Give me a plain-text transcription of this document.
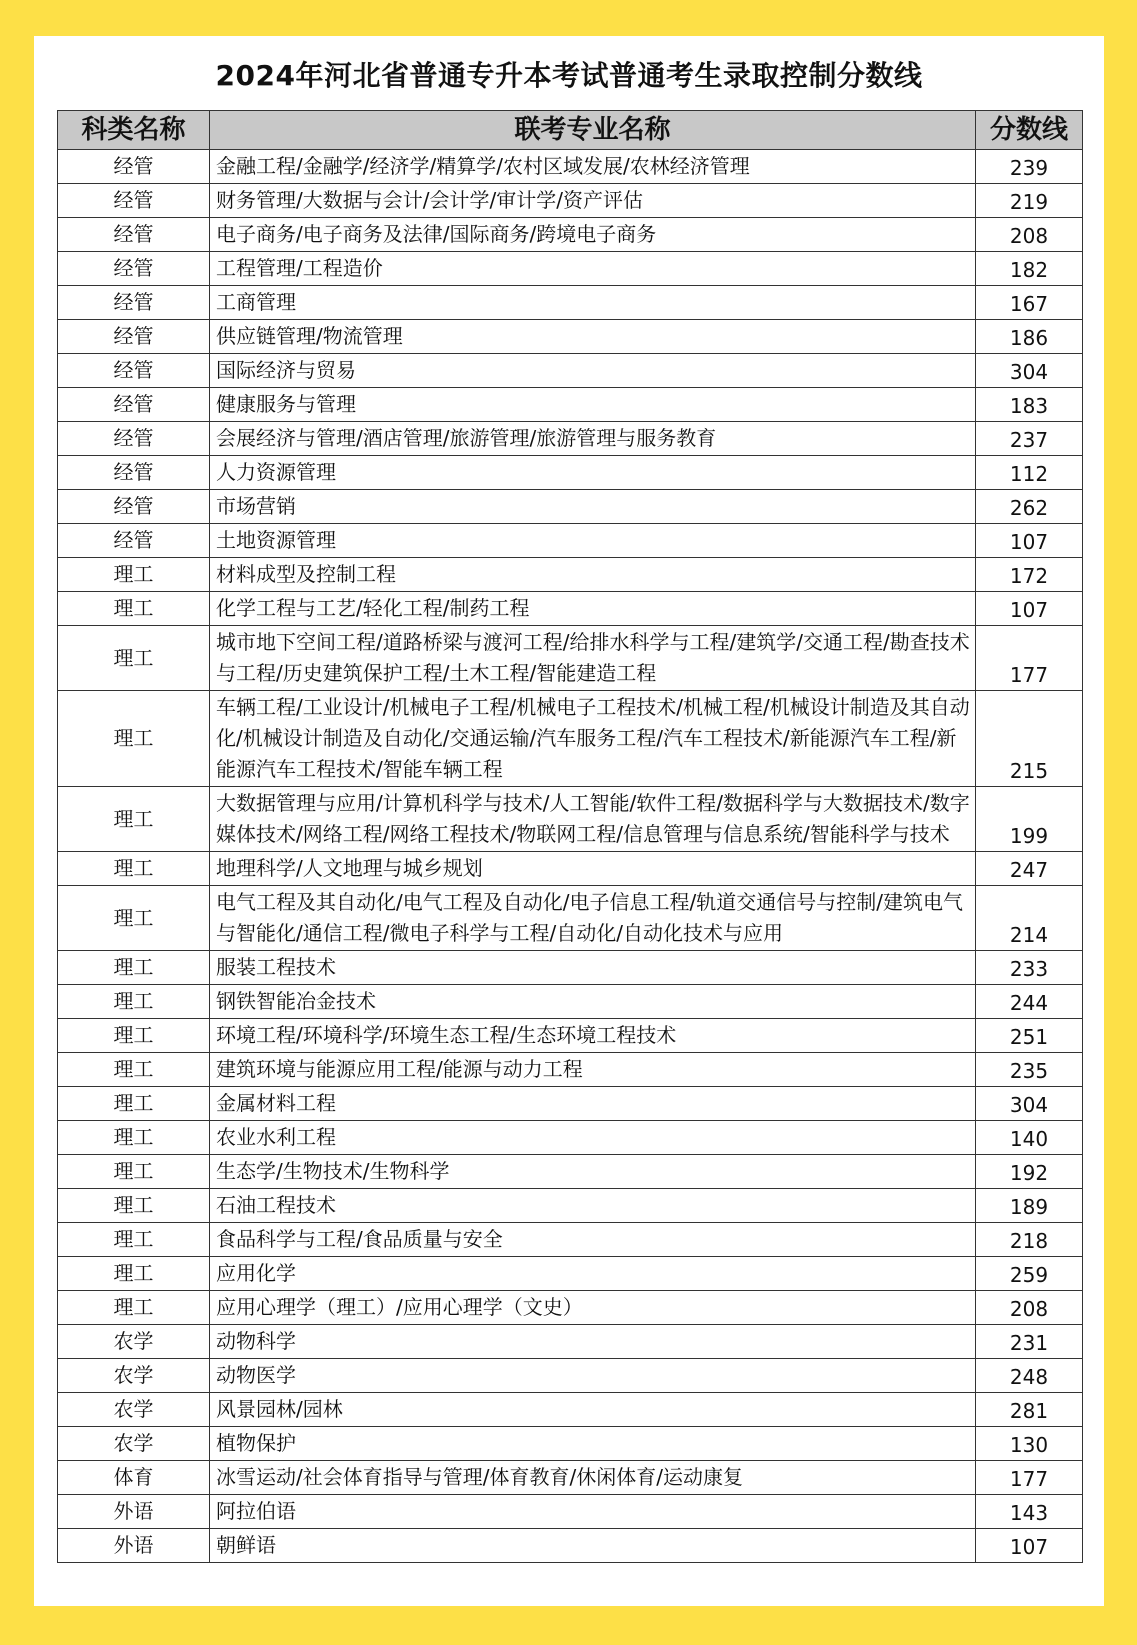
2024年河北省普通专升本考试普通考生录取控制分数线
科类名称	联考专业名称	分数线
经管	金融工程/金融学/经济学/精算学/农村区域发展/农林经济管理	239
经管	财务管理/大数据与会计/会计学/审计学/资产评估	219
经管	电子商务/电子商务及法律/国际商务/跨境电子商务	208
经管	工程管理/工程造价	182
经管	工商管理	167
经管	供应链管理/物流管理	186
经管	国际经济与贸易	304
经管	健康服务与管理	183
经管	会展经济与管理/酒店管理/旅游管理/旅游管理与服务教育	237
经管	人力资源管理	112
经管	市场营销	262
经管	土地资源管理	107
理工	材料成型及控制工程	172
理工	化学工程与工艺/轻化工程/制药工程	107
理工	城市地下空间工程/道路桥梁与渡河工程/给排水科学与工程/建筑学/交通工程/勘查技术与工程/历史建筑保护工程/土木工程/智能建造工程	177
理工	车辆工程/工业设计/机械电子工程/机械电子工程技术/机械工程/机械设计制造及其自动化/机械设计制造及自动化/交通运输/汽车服务工程/汽车工程技术/新能源汽车工程/新能源汽车工程技术/智能车辆工程	215
理工	大数据管理与应用/计算机科学与技术/人工智能/软件工程/数据科学与大数据技术/数字媒体技术/网络工程/网络工程技术/物联网工程/信息管理与信息系统/智能科学与技术	199
理工	地理科学/人文地理与城乡规划	247
理工	电气工程及其自动化/电气工程及自动化/电子信息工程/轨道交通信号与控制/建筑电气与智能化/通信工程/微电子科学与工程/自动化/自动化技术与应用	214
理工	服装工程技术	233
理工	钢铁智能冶金技术	244
理工	环境工程/环境科学/环境生态工程/生态环境工程技术	251
理工	建筑环境与能源应用工程/能源与动力工程	235
理工	金属材料工程	304
理工	农业水利工程	140
理工	生态学/生物技术/生物科学	192
理工	石油工程技术	189
理工	食品科学与工程/食品质量与安全	218
理工	应用化学	259
理工	应用心理学（理工）/应用心理学（文史）	208
农学	动物科学	231
农学	动物医学	248
农学	风景园林/园林	281
农学	植物保护	130
体育	冰雪运动/社会体育指导与管理/体育教育/休闲体育/运动康复	177
外语	阿拉伯语	143
外语	朝鲜语	107
